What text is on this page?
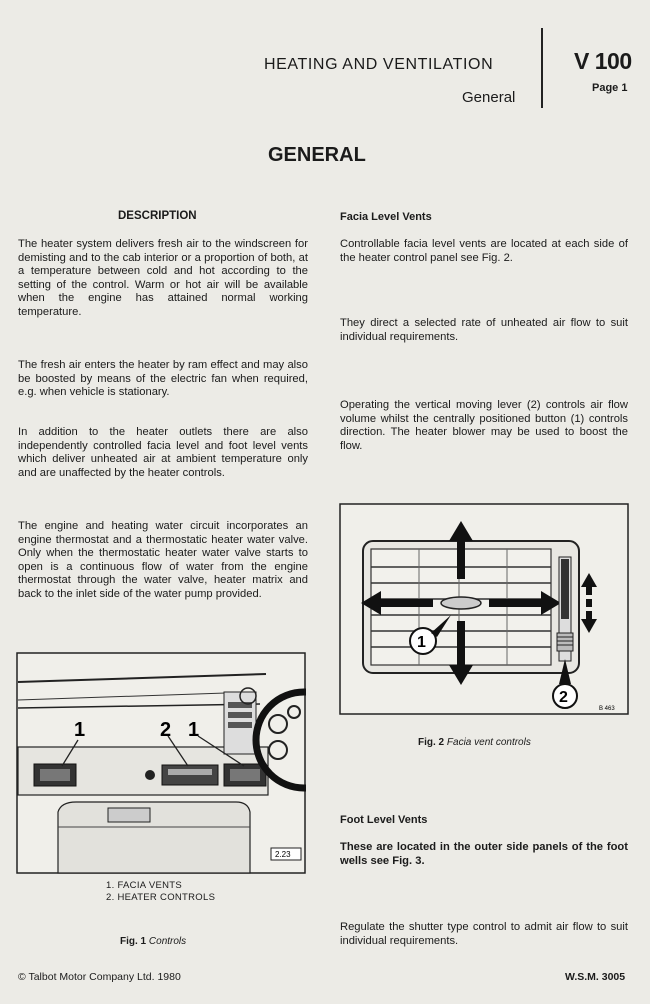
HEATING AND VENTILATION
General
V 100
Page 1
GENERAL
DESCRIPTION
The heater system delivers fresh air to the windscreen for demisting and to the cab interior or a proportion of both, at a temperature between cold and hot according to the setting of the control. Warm or hot air will be available when the engine has attained normal working temperature.
The fresh air enters the heater by ram effect and may also be boosted by means of the electric fan when required, e.g. when vehicle is stationary.
In addition to the heater outlets there are also independently controlled facia level and foot level vents which deliver unheated air at ambient temperature only and are unaffected by the heater controls.
The engine and heating water circuit incorporates an engine thermostat and a thermostatic heater water valve. Only when the thermostatic heater water valve starts to open is a continuous flow of water from the engine thermostat through the water valve, heater matrix and back to the inlet side of the water pump provided.
Facia Level Vents
Controllable facia level vents are located at each side of the heater control panel see Fig. 2.
They direct a selected rate of unheated air flow to suit individual requirements.
Operating the vertical moving lever (2) controls air flow volume whilst the centrally positioned button (1) controls direction. The heater blower may be used to boost the flow.
1	2 1
2.23
1. FACIA VENTS
2. HEATER CONTROLS
Fig. 1 Controls
1
2
B 463
Fig. 2 Facia vent controls
Foot Level Vents
These are located in the outer side panels of the foot wells see Fig. 3.
Regulate the shutter type control to admit air flow to suit individual requirements.
© Talbot Motor Company Ltd. 1980	W.S.M. 3005
